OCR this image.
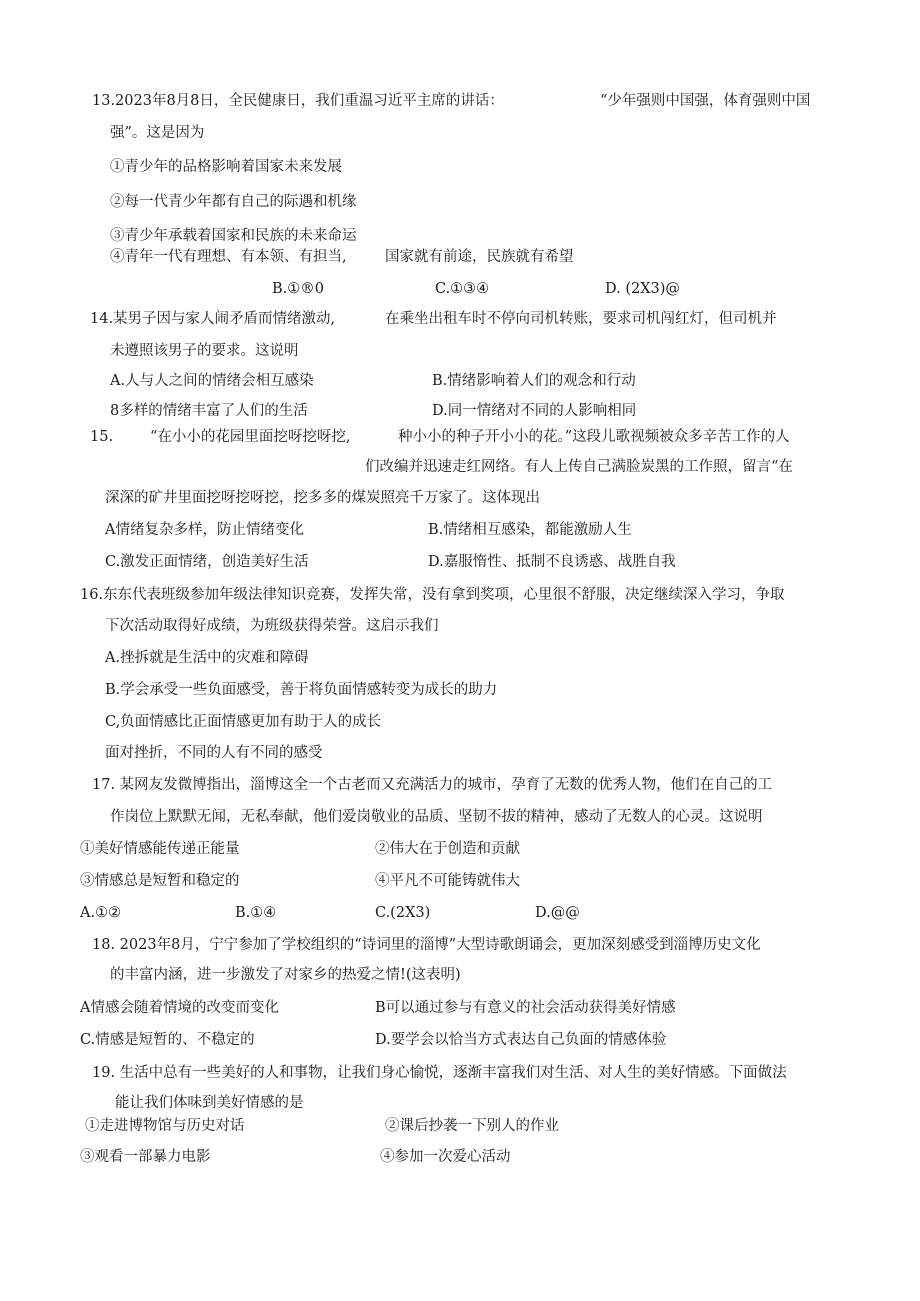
13.2023年8月8日，全民健康日，我们重温习近平主席的讲话：	“少年强则中国强，体育强则中国
强”。这是因为
①青少年的品格影响着国家未来发展
②每一代青少年都有自己的际遇和机缘
③青少年承载着国家和民族的未来命运
④青年一代有理想、有本领、有担当,	国家就有前途，民族就有希望
B.①®0	C.①③④	D. (2X3)@
14.某男子因与家人闹矛盾而情绪激动,	在乘坐出租车时不停向司机转账，要求司机闯红灯，但司机并
未遵照该男子的要求。这说明
A.人与人之间的情绪会相互感染	B.情绪影响着人们的观念和行动
8多样的情绪丰富了人们的生活	D.同一情绪对不同的人影响相同
15.	“在小小的花园里面挖呀挖呀挖,	种小小的种子开小小的花。”这段儿歌视频被众多辛苦工作的人
们改编并迅速走红网络。有人上传自己满脸炭黑的工作照，留言“在
深深的矿井里面挖呀挖呀挖，挖多多的煤炭照亮千万家了。这体现出
A情绪复杂多样，防止情绪变化	B.情绪相互感染，都能激励人生
C.激发正面情绪，创造美好生活	D.嘉服惰性、抵制不良诱惑、战胜自我
16.东东代表班级参加年级法律知识竞赛，发挥失常，没有拿到奖项，心里很不舒服，决定继续深入学习，争取
下次活动取得好成绩，为班级获得荣誉。这启示我们
A.挫拆就是生活中的灾难和障碍
B.学会承受一些负面感受，善于将负面情感转变为成长的助力
C,负面情感比正面情感更加有助于人的成长
面对挫折，不同的人有不同的感受
17. 某网友发微博指出，淄博这全一个古老而又充满活力的城市，孕育了无数的优秀人物，他们在自己的工
作岗位上默默无闻，无私奉献，他们爱岗敬业的品质、坚韧不拔的精神，感动了无数人的心灵。这说明
①美好情感能传递正能量	②伟大在于创造和贡献
③情感总是短暂和稳定的	④平凡不可能铸就伟大
A.①②	B.①④	C.(2X3)	D.@@
18. 2023年8月，宁宁参加了学校组织的“诗词里的淄博”大型诗歌朗诵会，更加深刻感受到淄博历史文化
的丰富内涵，进一步激发了对家乡的热爱之情!(这表明)
A情感会随着情境的改变而变化	B可以通过参与有意义的社会活动获得美好情感
C.情感是短暂的、不稳定的	D.要学会以恰当方式表达自己负面的情感体验
19. 生活中总有一些美好的人和事物，让我们身心愉悦，逐渐丰富我们对生活、对人生的美好情感。下面做法
能让我们体味到美好情感的是
①走进博物馆与历史对话	②课后抄袭一下别人的作业
③观看一部暴力电影	④参加一次爱心活动
